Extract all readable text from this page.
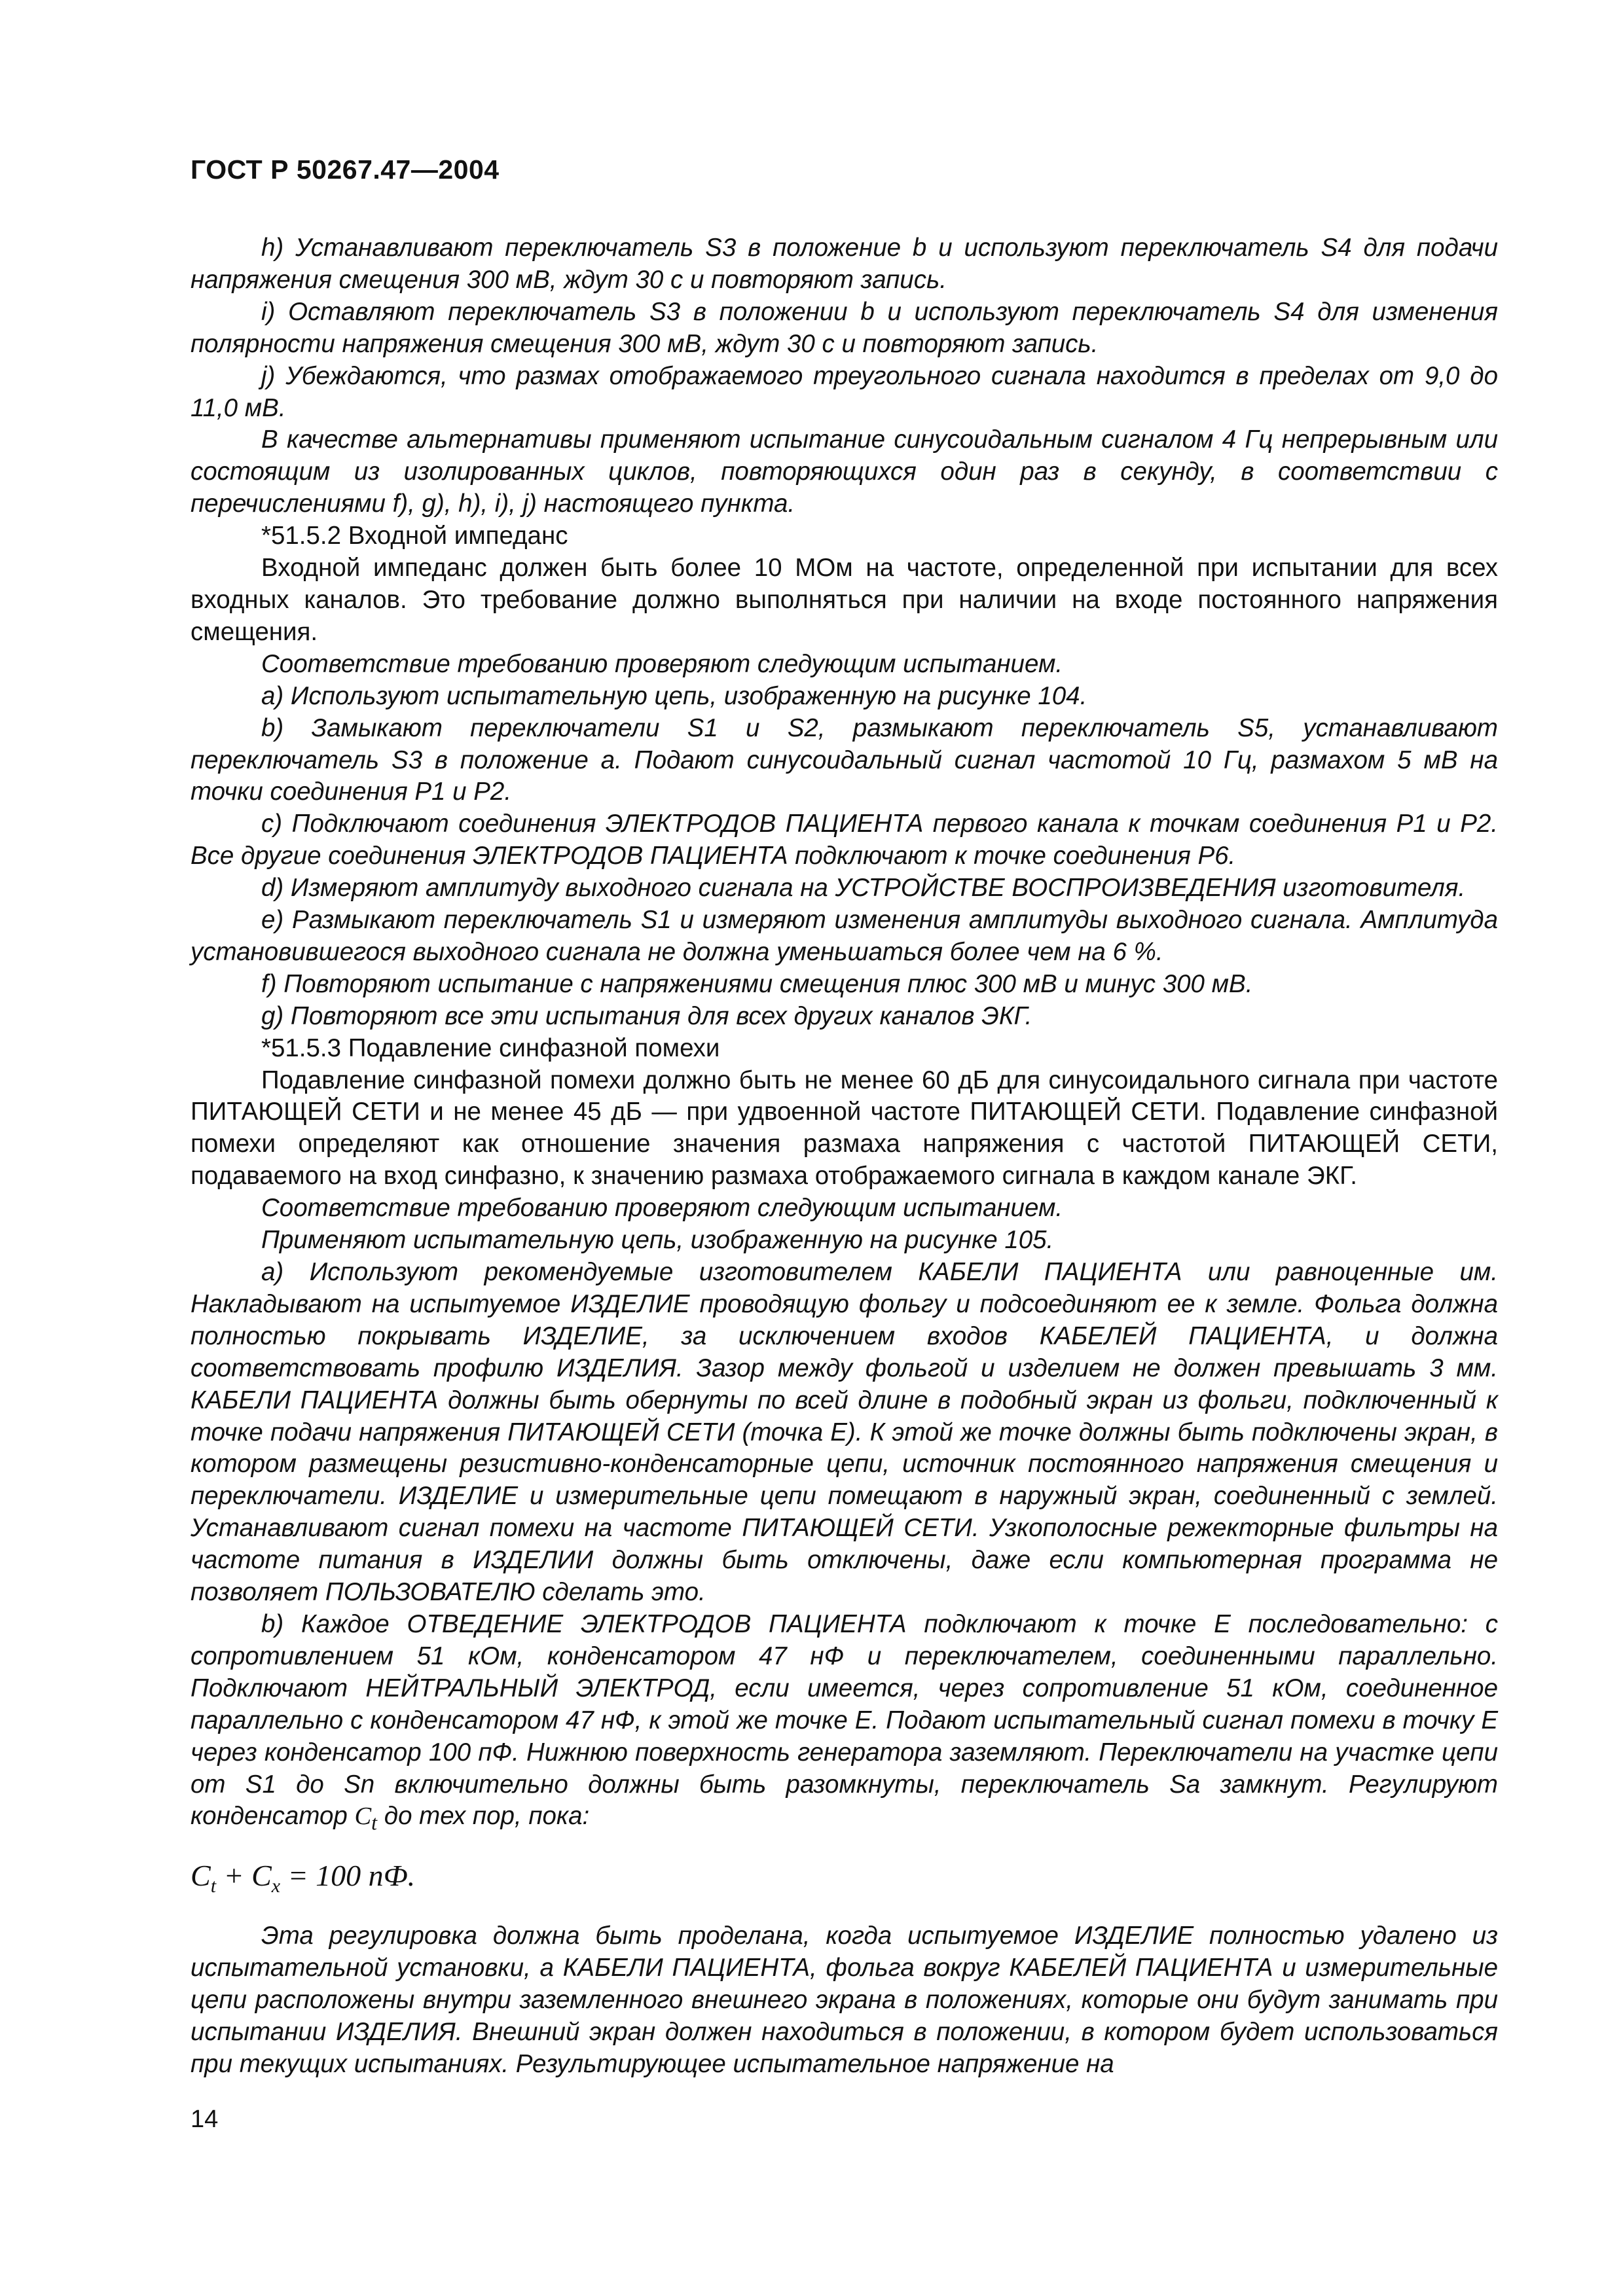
ГОСТ Р 50267.47—2004

h) Устанавливают переключатель S3 в положение b и используют переключатель S4 для подачи напряжения смещения 300 мВ, ждут 30 с и повторяют запись.

i) Оставляют переключатель S3 в положении b и используют переключатель S4 для изменения полярности напряжения смещения 300 мВ, ждут 30 с и повторяют запись.

j) Убеждаются, что размах отображаемого треугольного сигнала находится в пределах от 9,0 до 11,0 мВ.

В качестве альтернативы применяют испытание синусоидальным сигналом 4 Гц непрерывным или состоящим из изолированных циклов, повторяющихся один раз в секунду, в соответствии с перечислениями f), g), h), i), j) настоящего пункта.

*51.5.2 Входной импеданс

Входной импеданс должен быть более 10 МОм на частоте, определенной при испытании для всех входных каналов. Это требование должно выполняться при наличии на входе постоянного напряжения смещения.

Соответствие требованию проверяют следующим испытанием.

a) Используют испытательную цепь, изображенную на рисунке 104.

b) Замыкают переключатели S1 и S2, размыкают переключатель S5, устанавливают переключатель S3 в положение a. Подают синусоидальный сигнал частотой 10 Гц, размахом 5 мВ на точки соединения Р1 и Р2.

c) Подключают соединения ЭЛЕКТРОДОВ ПАЦИЕНТА первого канала к точкам соединения Р1 и Р2. Все другие соединения ЭЛЕКТРОДОВ ПАЦИЕНТА подключают к точке соединения Р6.

d) Измеряют амплитуду выходного сигнала на УСТРОЙСТВЕ ВОСПРОИЗВЕДЕНИЯ изготовителя.

e) Размыкают переключатель S1 и измеряют изменения амплитуды выходного сигнала. Амплитуда установившегося выходного сигнала не должна уменьшаться более чем на 6 %.

f) Повторяют испытание с напряжениями смещения плюс 300 мВ и минус 300 мВ.

g) Повторяют все эти испытания для всех других каналов ЭКГ.

*51.5.3 Подавление синфазной помехи

Подавление синфазной помехи должно быть не менее 60 дБ для синусоидального сигнала при частоте ПИТАЮЩЕЙ СЕТИ и не менее 45 дБ — при удвоенной частоте ПИТАЮЩЕЙ СЕТИ. Подавление синфазной помехи определяют как отношение значения размаха напряжения с частотой ПИТАЮЩЕЙ СЕТИ, подаваемого на вход синфазно, к значению размаха отображаемого сигнала в каждом канале ЭКГ.

Соответствие требованию проверяют следующим испытанием.

Применяют испытательную цепь, изображенную на рисунке 105.

a) Используют рекомендуемые изготовителем КАБЕЛИ ПАЦИЕНТА или равноценные им. Накладывают на испытуемое ИЗДЕЛИЕ проводящую фольгу и подсоединяют ее к земле. Фольга должна полностью покрывать ИЗДЕЛИЕ, за исключением входов КАБЕЛЕЙ ПАЦИЕНТА, и должна соответствовать профилю ИЗДЕЛИЯ. Зазор между фольгой и изделием не должен превышать 3 мм. КАБЕЛИ ПАЦИЕНТА должны быть обернуты по всей длине в подобный экран из фольги, подключенный к точке подачи напряжения ПИТАЮЩЕЙ СЕТИ (точка Е). К этой же точке должны быть подключены экран, в котором размещены резистивно-конденсаторные цепи, источник постоянного напряжения смещения и переключатели. ИЗДЕЛИЕ и измерительные цепи помещают в наружный экран, соединенный с землей. Устанавливают сигнал помехи на частоте ПИТАЮЩЕЙ СЕТИ. Узкополосные режекторные фильтры на частоте питания в ИЗДЕЛИИ должны быть отключены, даже если компьютерная программа не позволяет ПОЛЬЗОВАТЕЛЮ сделать это.

b) Каждое ОТВЕДЕНИЕ ЭЛЕКТРОДОВ ПАЦИЕНТА подключают к точке Е последовательно: с сопротивлением 51 кОм, конденсатором 47 нФ и переключателем, соединенными параллельно. Подключают НЕЙТРАЛЬНЫЙ ЭЛЕКТРОД, если имеется, через сопротивление 51 кОм, соединенное параллельно с конденсатором 47 нФ, к этой же точке Е. Подают испытательный сигнал помехи в точку Е через конденсатор 100 пФ. Нижнюю поверхность генератора заземляют. Переключатели на участке цепи от S1 до Sn включительно должны быть разомкнуты, переключатель Sa замкнут. Регулируют конденсатор $C_t$ до тех пор, пока:

$C_t + C_x = 100$ nФ.

Эта регулировка должна быть проделана, когда испытуемое ИЗДЕЛИЕ полностью удалено из испытательной установки, а КАБЕЛИ ПАЦИЕНТА, фольга вокруг КАБЕЛЕЙ ПАЦИЕНТА и измерительные цепи расположены внутри заземленного внешнего экрана в положениях, которые они будут занимать при испытании ИЗДЕЛИЯ. Внешний экран должен находиться в положении, в котором будет использоваться при текущих испытаниях. Результирующее испытательное напряжение на

14
